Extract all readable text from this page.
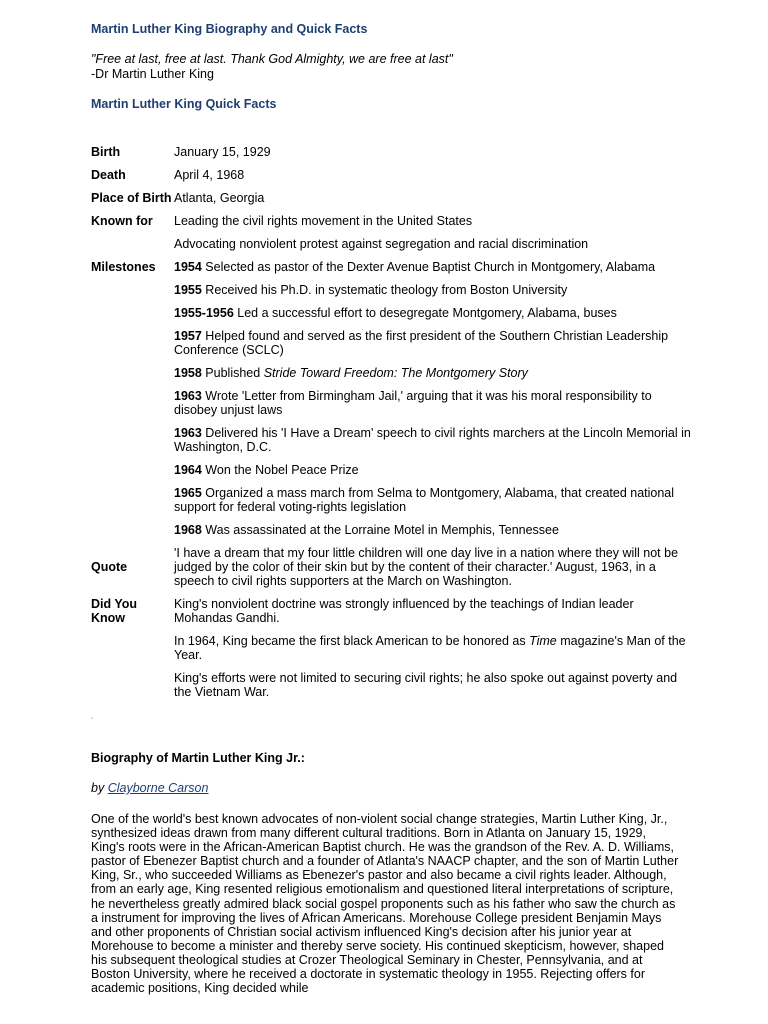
Martin Luther King Biography and Quick Facts
"Free at last, free at last. Thank God Almighty, we are free at last"
-Dr Martin Luther King
Martin Luther King Quick Facts
Birth	January 15, 1929

Death	April 4, 1968

Place of Birth	Atlanta, Georgia

Known for	Leading the civil rights movement in the United States

	Advocating nonviolent protest against segregation and racial discrimination

Milestones	1954 Selected as pastor of the Dexter Avenue Baptist Church in Montgomery, Alabama

	1955 Received his Ph.D. in systematic theology from Boston University

	1955-1956 Led a successful effort to desegregate Montgomery, Alabama, buses

	1957 Helped found and served as the first president of the Southern Christian Leadership Conference (SCLC)

	1958 Published Stride Toward Freedom: The Montgomery Story

	1963 Wrote 'Letter from Birmingham Jail,' arguing that it was his moral responsibility to disobey unjust laws

	1963 Delivered his 'I Have a Dream' speech to civil rights marchers at the Lincoln Memorial in Washington, D.C.

	1964 Won the Nobel Peace Prize

	1965 Organized a mass march from Selma to Montgomery, Alabama, that created national support for federal voting-rights legislation

	1968 Was assassinated at the Lorraine Motel in Memphis, Tennessee

Quote	'I have a dream that my four little children will one day live in a nation where they will not be judged by the color of their skin but by the content of their character.' August, 1963, in a speech to civil rights supporters at the March on Washington.

Did You Know	King's nonviolent doctrine was strongly influenced by the teachings of Indian leader Mohandas Gandhi.

	In 1964, King became the first black American to be honored as Time magazine's Man of the Year.

	King's efforts were not limited to securing civil rights; he also spoke out against poverty and the Vietnam War.
''
Biography of Martin Luther King Jr.:
by Clayborne Carson

One of the world's best known advocates of non-violent social change strategies, Martin Luther King, Jr., synthesized ideas drawn from many different cultural traditions. Born in Atlanta on January 15, 1929, King's roots were in the African-American Baptist church. He was the grandson of the Rev. A. D. Williams, pastor of Ebenezer Baptist church and a founder of Atlanta's NAACP chapter, and the son of Martin Luther King, Sr., who succeeded Williams as Ebenezer's pastor and also became a civil rights leader. Although, from an early age, King resented religious emotionalism and questioned literal interpretations of scripture, he nevertheless greatly admired black social gospel proponents such as his father who saw the church as a instrument for improving the lives of African Americans. Morehouse College president Benjamin Mays and other proponents of Christian social activism influenced King's decision after his junior year at Morehouse to become a minister and thereby serve society. His continued skepticism, however, shaped his subsequent theological studies at Crozer Theological Seminary in Chester, Pennsylvania, and at Boston University, where he received a doctorate in systematic theology in 1955. Rejecting offers for academic positions, King decided while
